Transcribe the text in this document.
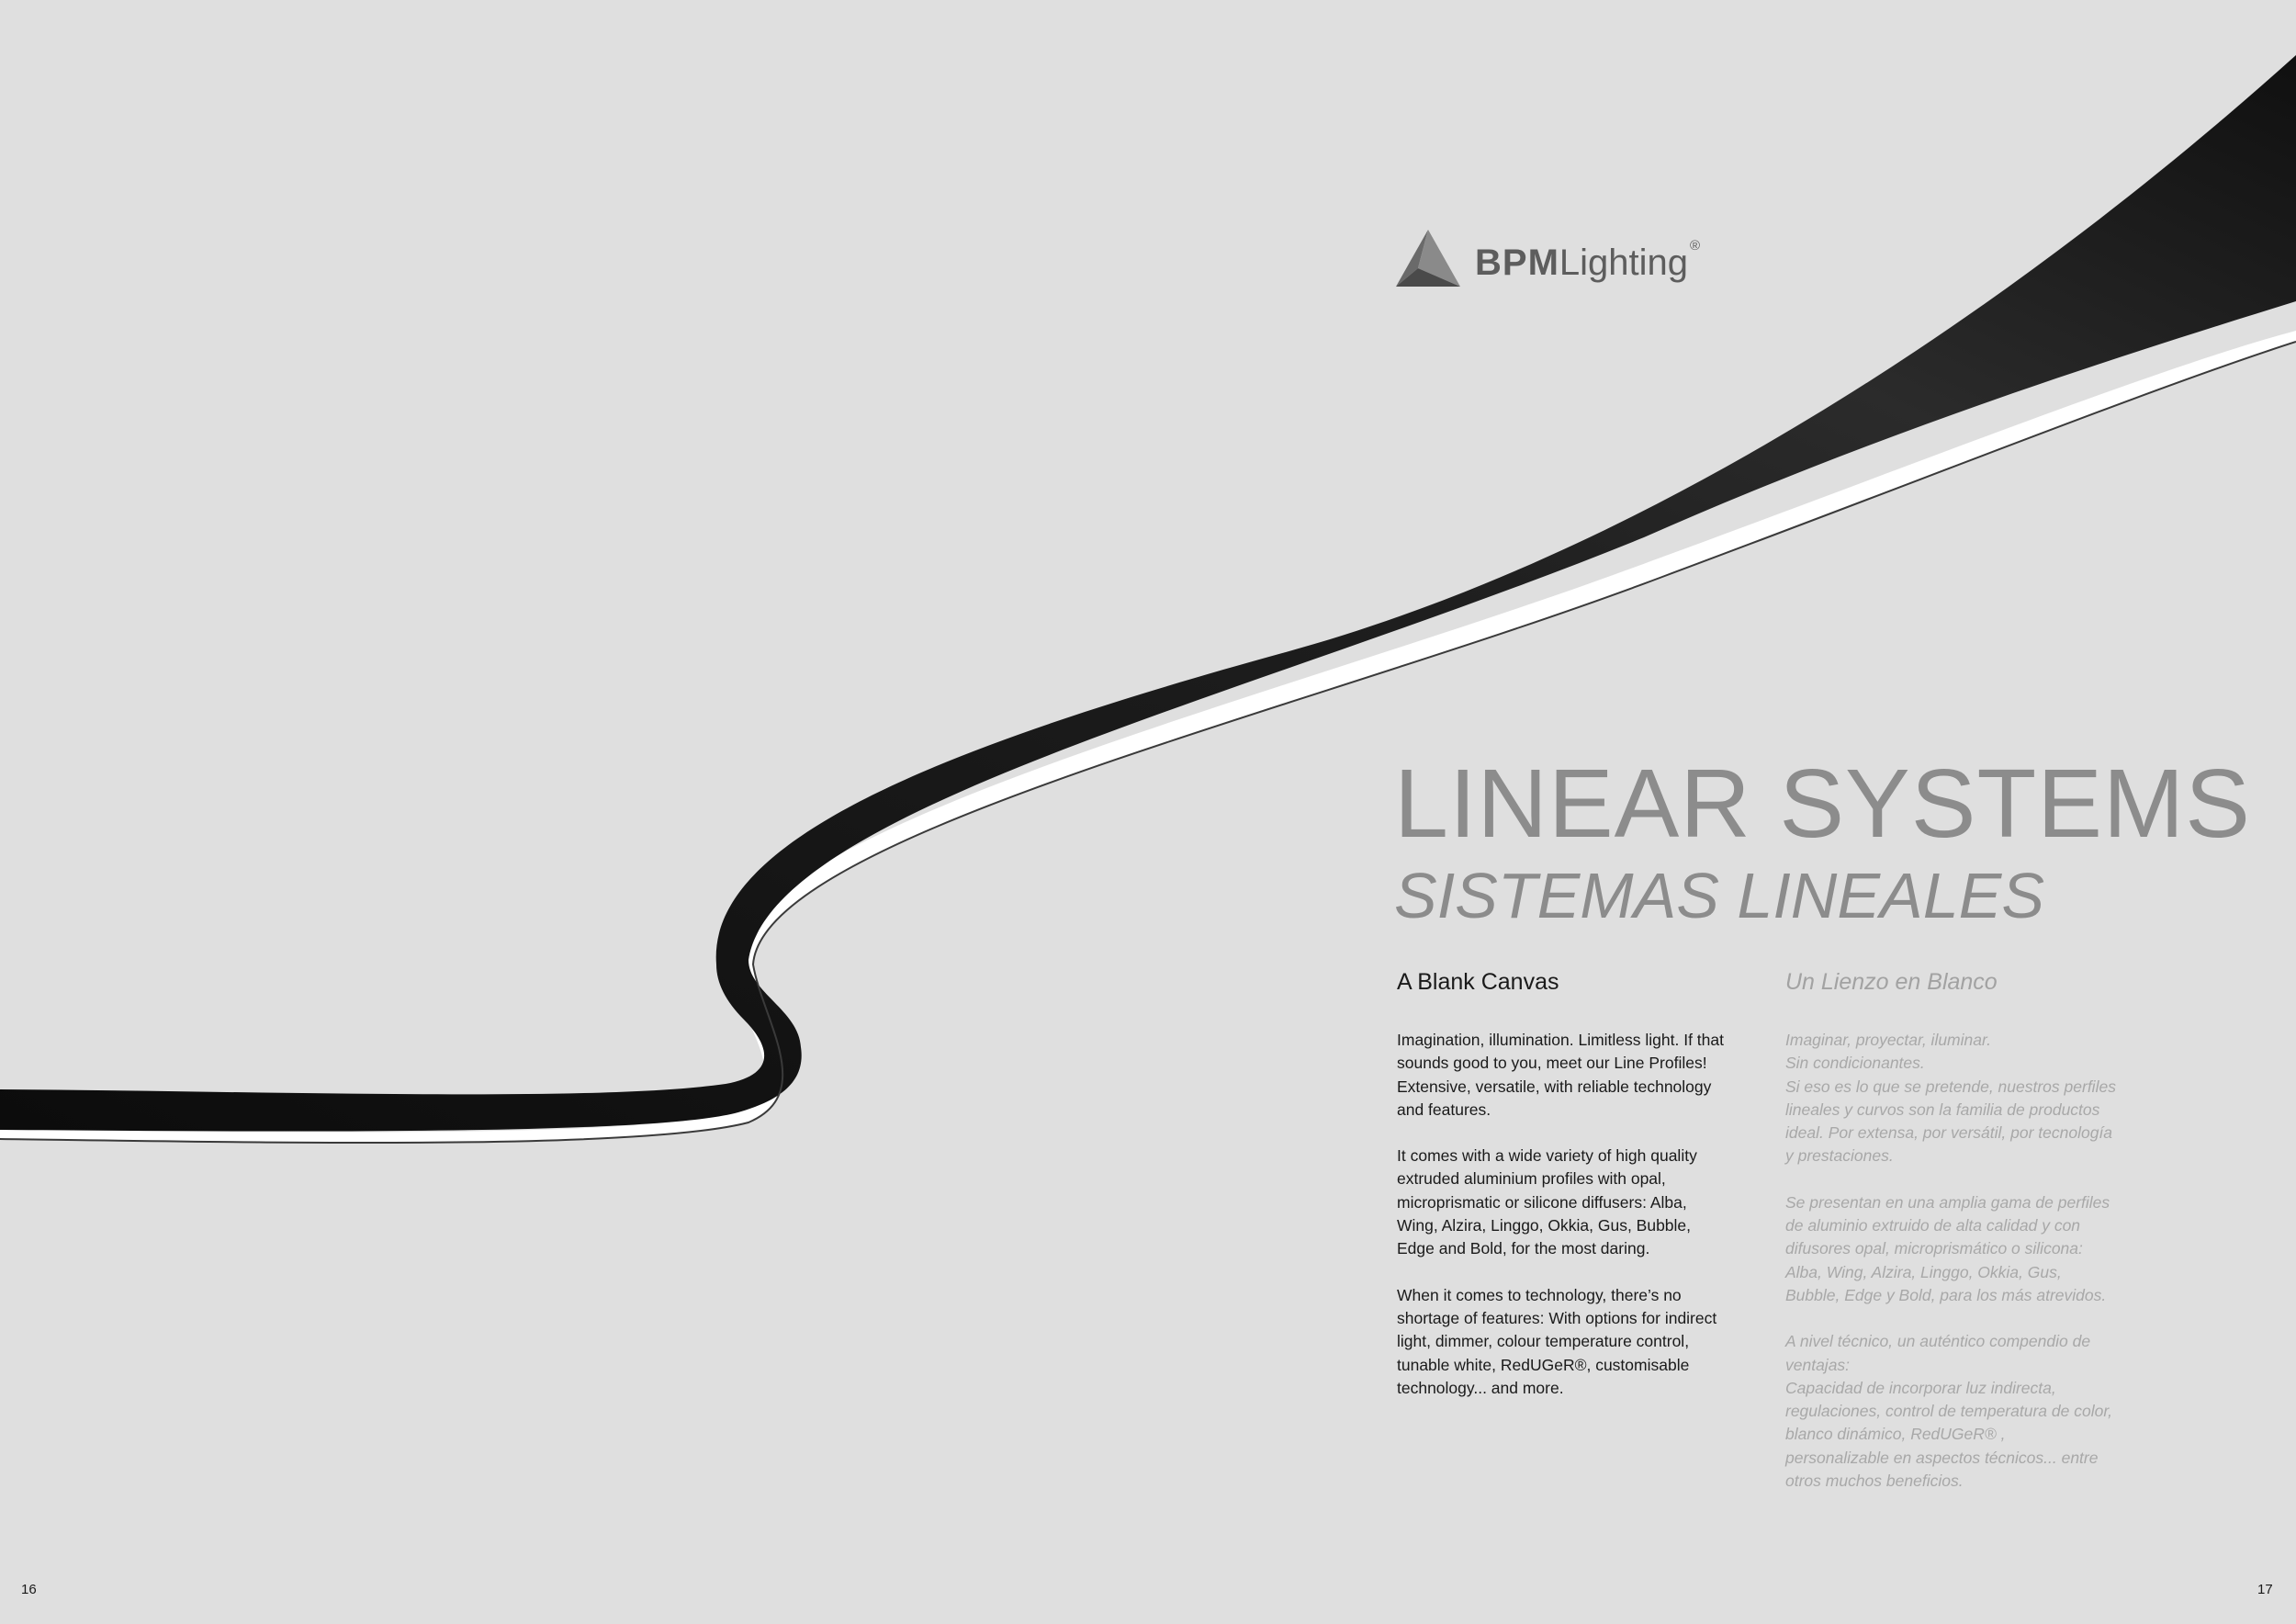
BPMLighting ®
LINEAR SYSTEMS
SISTEMAS LINEALES
A Blank Canvas	Un Lienzo en Blanco

Imagination, illumination. Limitless light. If that
sounds good to you, meet our Line Profiles!
Extensive, versatile, with reliable technology
and features.

It comes with a wide variety of high quality
extruded aluminium profiles with opal,
microprismatic or silicone diffusers: Alba,
Wing, Alzira, Linggo, Okkia, Gus, Bubble,
Edge and Bold, for the most daring.

When it comes to technology, there’s no
shortage of features: With options for indirect
light, dimmer, colour temperature control,
tunable white, RedUGeR®, customisable
technology... and more.

Imaginar, proyectar, iluminar.
Sin condicionantes.
Si eso es lo que se pretende, nuestros perfiles
lineales y curvos son la familia de productos
ideal. Por extensa, por versátil, por tecnología
y prestaciones.

Se presentan en una amplia gama de perfiles
de aluminio extruido de alta calidad y con
difusores opal, microprismático o silicona:
Alba, Wing, Alzira, Linggo, Okkia, Gus,
Bubble, Edge y Bold, para los más atrevidos.

A nivel técnico, un auténtico compendio de
ventajas:
Capacidad de incorporar luz indirecta,
regulaciones, control de temperatura de color,
blanco dinámico, RedUGeR® ,
personalizable en aspectos técnicos... entre
otros muchos beneficios.

16	17
